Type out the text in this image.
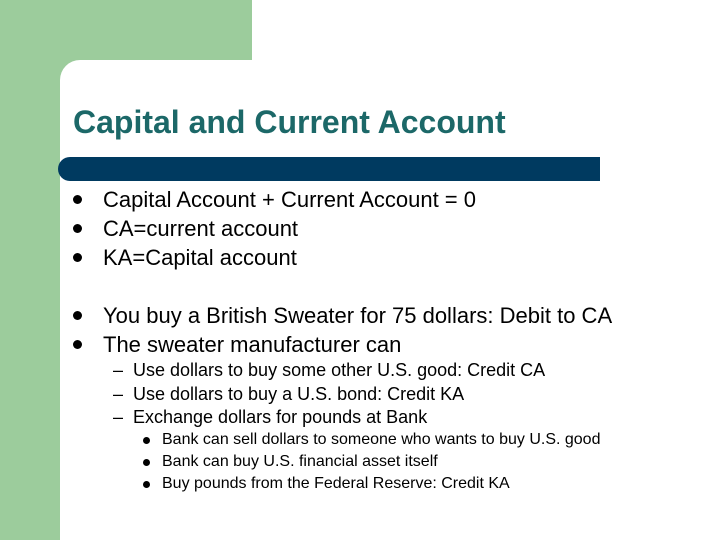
Capital and Current Account
Capital Account + Current Account = 0
CA=current account
KA=Capital account
You buy a British Sweater for 75 dollars: Debit to CA
The sweater manufacturer can
– Use dollars to buy some other U.S. good: Credit CA
– Use dollars to buy a U.S. bond: Credit KA
– Exchange dollars for pounds at Bank
Bank can sell dollars to someone who wants to buy U.S. good
Bank can buy U.S. financial asset itself
Buy pounds from the Federal Reserve: Credit KA
